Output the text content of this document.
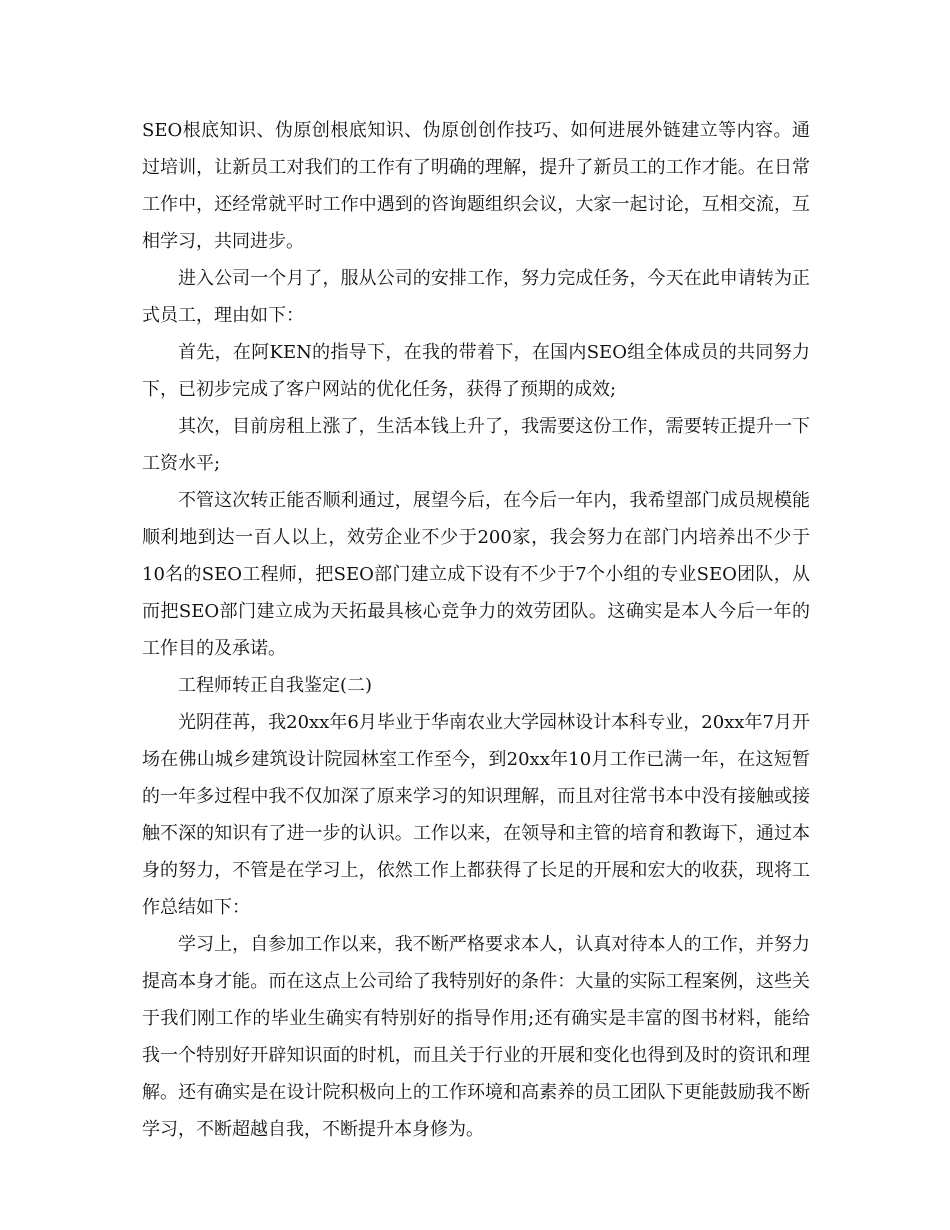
SEO根底知识、伪原创根底知识、伪原创创作技巧、如何进展外链建立等内容。通过培训，让新员工对我们的工作有了明确的理解，提升了新员工的工作才能。在日常工作中，还经常就平时工作中遇到的咨询题组织会议，大家一起讨论，互相交流，互相学习，共同进步。

进入公司一个月了，服从公司的安排工作，努力完成任务，今天在此申请转为正式员工，理由如下：

首先，在阿KEN的指导下，在我的带着下，在国内SEO组全体成员的共同努力下，已初步完成了客户网站的优化任务，获得了预期的成效;

其次，目前房租上涨了，生活本钱上升了，我需要这份工作，需要转正提升一下工资水平;

不管这次转正能否顺利通过，展望今后，在今后一年内，我希望部门成员规模能顺利地到达一百人以上，效劳企业不少于200家，我会努力在部门内培养出不少于10名的SEO工程师，把SEO部门建立成下设有不少于7个小组的专业SEO团队，从而把SEO部门建立成为天拓最具核心竞争力的效劳团队。这确实是本人今后一年的工作目的及承诺。

工程师转正自我鉴定(二)

光阴荏苒，我20xx年6月毕业于华南农业大学园林设计本科专业，20xx年7月开场在佛山城乡建筑设计院园林室工作至今，到20xx年10月工作已满一年，在这短暂的一年多过程中我不仅加深了原来学习的知识理解，而且对往常书本中没有接触或接触不深的知识有了进一步的认识。工作以来，在领导和主管的培育和教诲下，通过本身的努力，不管是在学习上，依然工作上都获得了长足的开展和宏大的收获，现将工作总结如下：

学习上，自参加工作以来，我不断严格要求本人，认真对待本人的工作，并努力提高本身才能。而在这点上公司给了我特别好的条件：大量的实际工程案例，这些关于我们刚工作的毕业生确实有特别好的指导作用;还有确实是丰富的图书材料，能给我一个特别好开辟知识面的时机，而且关于行业的开展和变化也得到及时的资讯和理解。还有确实是在设计院积极向上的工作环境和高素养的员工团队下更能鼓励我不断学习，不断超越自我，不断提升本身修为。
